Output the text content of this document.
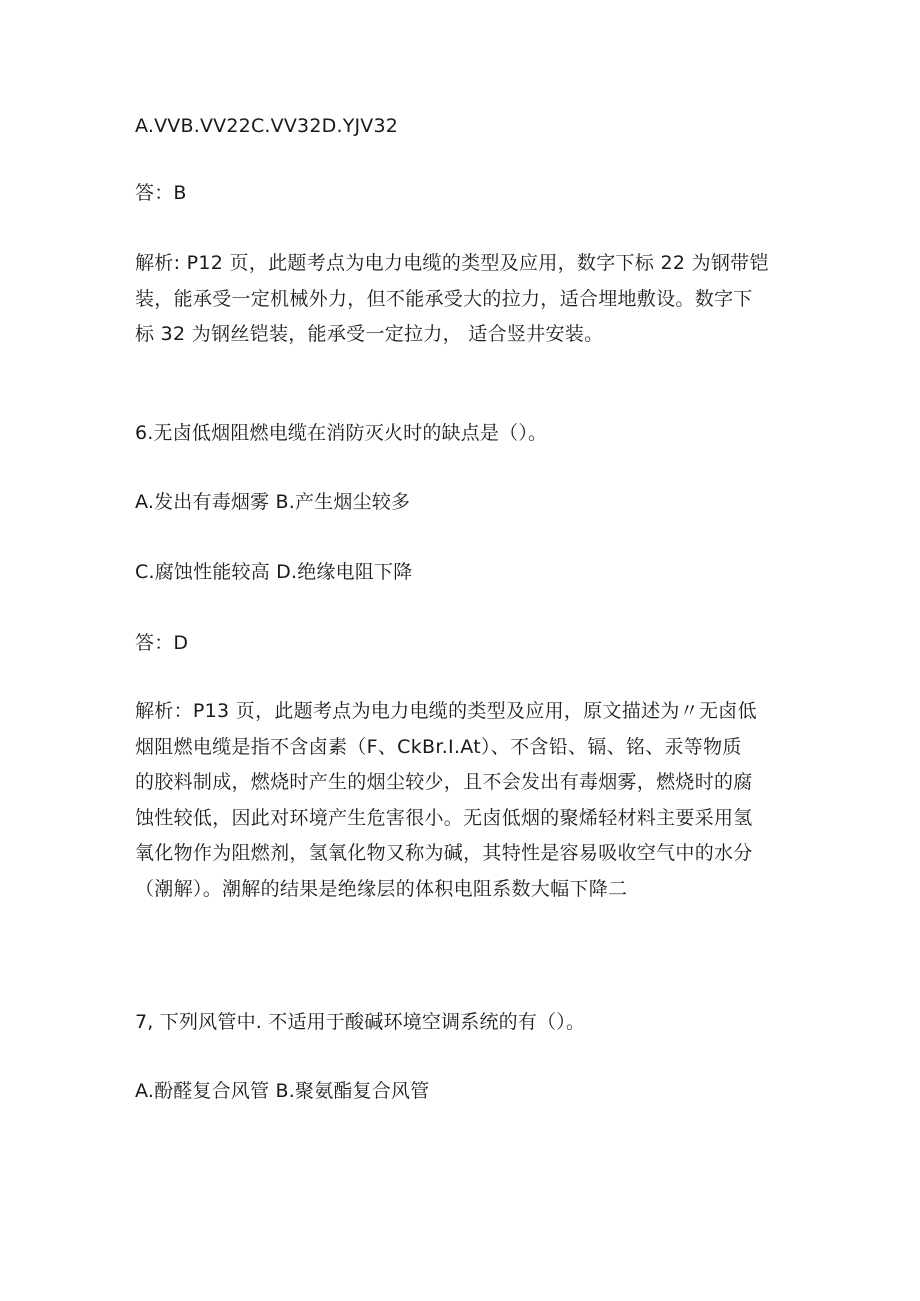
A.VVB.VV22C.VV32D.YJV32
答：B
解析: P12 页，此题考点为电力电缆的类型及应用，数字下标 22 为钢带铠
装，能承受一定机械外力，但不能承受大的拉力，适合埋地敷设。数字下
标 32 为钢丝铠装，能承受一定拉力， 适合竖井安装。
6.无卤低烟阻燃电缆在消防灭火时的缺点是（）。
A.发出有毒烟雾 B.产生烟尘较多
C.腐蚀性能较高 D.绝缘电阻下降
答：D
解析：P13 页，此题考点为电力电缆的类型及应用，原文描述为〃无卤低
烟阻燃电缆是指不含卤素（F、CkBr.I.At）、不含铅、镉、铭、汞等物质
的胶料制成，燃烧时产生的烟尘较少，且不会发出有毒烟雾，燃烧时的腐
蚀性较低，因此对环境产生危害很小。无卤低烟的聚烯轻材料主要采用氢
氧化物作为阻燃剂，氢氧化物又称为碱，其特性是容易吸收空气中的水分
（潮解）。潮解的结果是绝缘层的体积电阻系数大幅下降二
7, 下列风管中. 不适用于酸碱环境空调系统的有（）。
A.酚醛复合风管 B.聚氨酯复合风管
